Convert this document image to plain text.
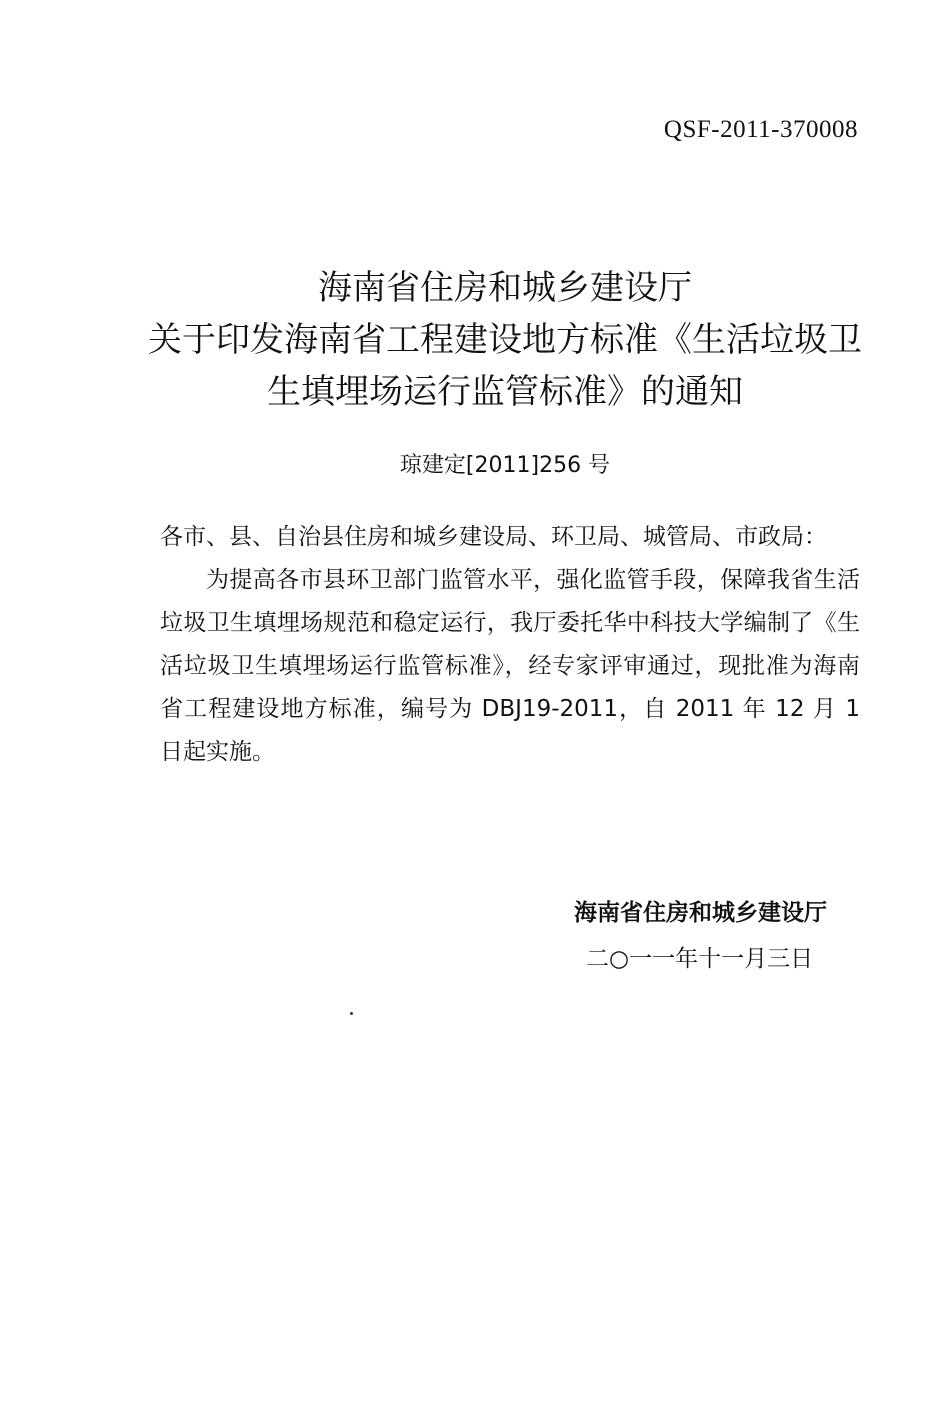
QSF-2011-370008
海南省住房和城乡建设厅
关于印发海南省工程建设地方标准《生活垃圾卫
生填埋场运行监管标准》的通知
琼建定[2011]256 号

各市、县、自治县住房和城乡建设局、环卫局、城管局、市政局：

为提高各市县环卫部门监管水平，强化监管手段，保障我省生活垃圾卫生填埋场规范和稳定运行，我厅委托华中科技大学编制了《生活垃圾卫生填埋场运行监管标准》，经专家评审通过，现批准为海南省工程建设地方标准，编号为 DBJ19-2011，自 2011 年 12 月 1 日起实施。

海南省住房和城乡建设厅
二○一一年十一月三日
